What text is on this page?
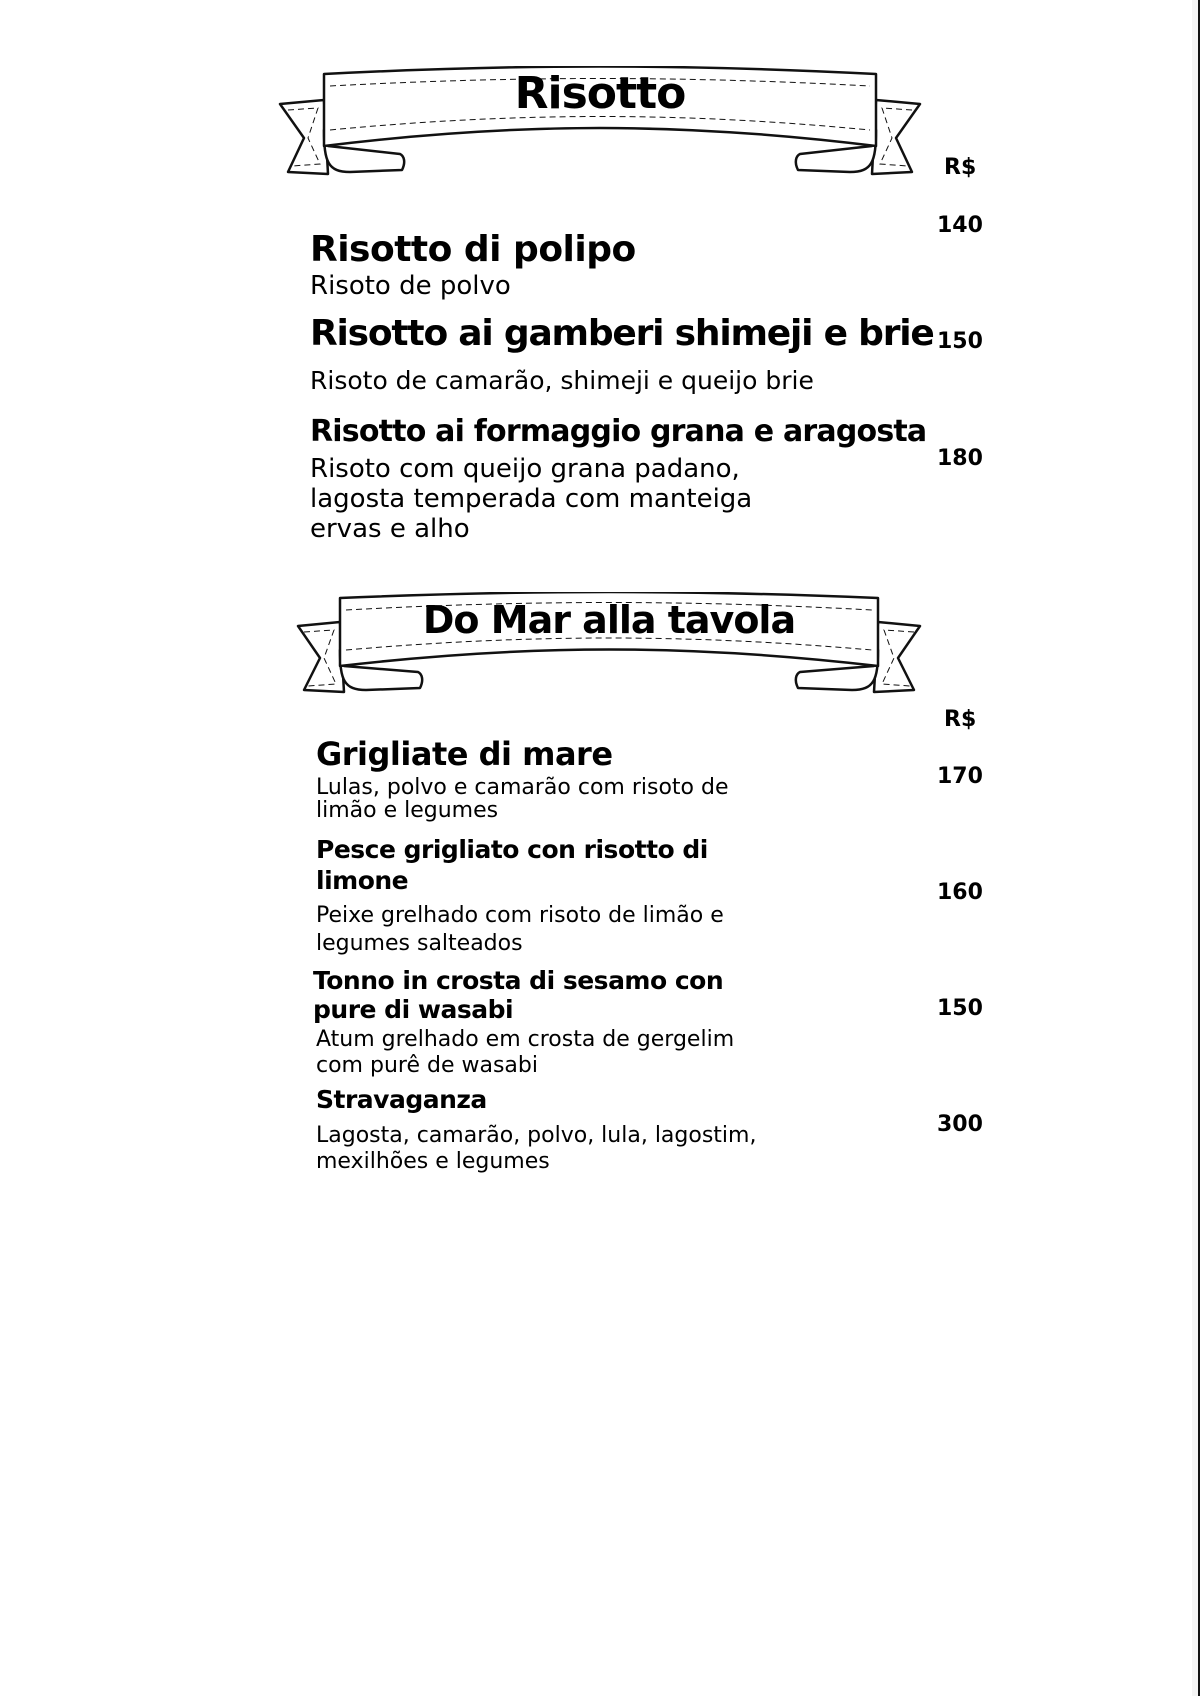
Risotto
R$
Risotto di polipo
Risoto de polvo
140
Risotto ai gamberi shimeji e brie
Risoto de camarão, shimeji e queijo brie
150
Risotto ai formaggio grana e aragosta
Risoto com queijo grana padano,
lagosta temperada com manteiga
ervas e alho
180
Do Mar alla tavola
R$
Grigliate di mare
Lulas, polvo e camarão com risoto de
limão e legumes
170
Pesce grigliato con risotto di
limone
Peixe grelhado com risoto de limão e
legumes salteados
160
Tonno in crosta di sesamo con
pure di wasabi
Atum grelhado em crosta de gergelim
com purê de wasabi
150
Stravaganza
Lagosta, camarão, polvo, lula, lagostim,
mexilhões e legumes
300
